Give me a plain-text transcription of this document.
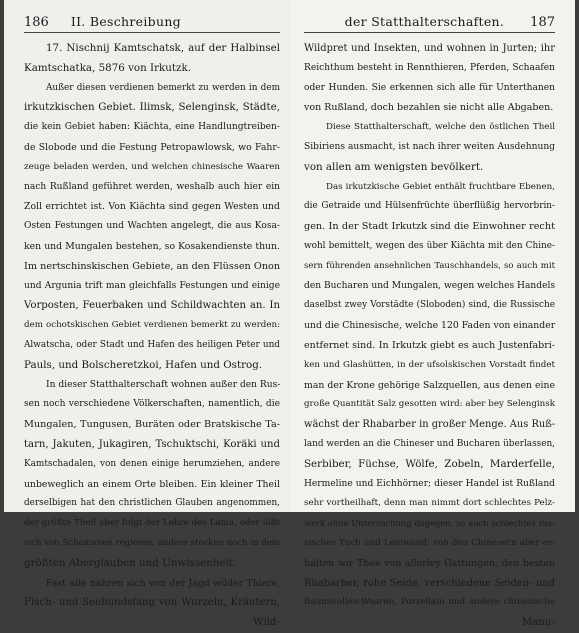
186 II. Beschreibung
17. Nischnij Kamtschatsk, auf der Halbinsel
Kamtschatka, 5876 von Irkutzk.
Außer diesen verdienen bemerkt zu werden in dem
irkutzkischen Gebiet. Ilimsk, Selenginsk, Städte,
die kein Gebiet haben: Kiächta, eine Handlungtreiben-
de Slobode und die Festung Petropawlowsk, wo Fahr-
zeuge beladen werden, und welchen chinesische Waaren
nach Rußland geführet werden, weshalb auch hier ein
Zoll errichtet ist. Von Kiächta sind gegen Westen und
Osten Festungen und Wachten angelegt, die aus Kosa-
ken und Mungalen bestehen, so Kosakendienste thun.
Im nertschinskischen Gebiete, an den Flüssen Onon
und Argunia trift man gleichfalls Festungen und einige
Vorposten, Feuerbaken und Schildwachten an. In
dem ochotskischen Gebiet verdienen bemerkt zu werden:
Alwatscha, oder Stadt und Hafen des heiligen Peter und
Pauls, und Bolscheretzkoi, Hafen und Ostrog.
In dieser Statthalterschaft wohnen außer den Rus-
sen noch verschiedene Völkerschaften, namentlich, die
Mungalen, Tungusen, Buräten oder Bratskische Ta-
tarn, Jakuten, Jukagiren, Tschuktschi, Koräki und
Kamtschadalen, von denen einige herumziehen, andere
unbeweglich an einem Orte bleiben. Ein kleiner Theil
derselbigen hat den christlichen Glauben angenommen,
der größte Theil aber folgt der Lehre des Lama, oder läßt
sich von Schamanen regieren, andere stecken noch in dem
größten Aberglauben und Unwissenheit.
Fast alle nähren sich von der Jagd wilder Thiere,
Fisch- und Seehundsfang von Wurzeln, Kräutern,
Wild-
der Statthalterschaften. 187
Wildpret und Insekten, und wohnen in Jurten; ihr
Reichthum besteht in Rennthieren, Pferden, Schaafen
oder Hunden. Sie erkennen sich alle für Unterthanen
von Rußland, doch bezahlen sie nicht alle Abgaben.
Diese Statthalterschaft, welche den östlichen Theil
Sibiriens ausmacht, ist nach ihrer weiten Ausdehnung
von allen am wenigsten bevölkert.
Das irkutzkische Gebiet enthält fruchtbare Ebenen,
die Getraide und Hülsenfrüchte überflüßig hervorbrin-
gen. In der Stadt Irkutzk sind die Einwohner recht
wohl bemittelt, wegen des über Kiächta mit den Chine-
sern führenden ansehnlichen Tauschhandels, so auch mit
den Bucharen und Mungalen, wegen welches Handels
daselbst zwey Vorstädte (Sloboden) sind, die Russische
und die Chinesische, welche 120 Faden von einander
entfernet sind. In Irkutzk giebt es auch Justenfabri-
ken und Glashütten, in der ufsolskischen Vorstadt findet
man der Krone gehörige Salzquellen, aus denen eine
große Quantität Salz gesotten wird: aber bey Selenginsk
wächst der Rhabarber in großer Menge. Aus Ruß-
land werden an die Chineser und Bucharen überlassen,
Serbiber, Füchse, Wölfe, Zobeln, Marderfelle,
Hermeline und Eichhörner; dieser Handel ist Rußland
sehr vortheilhaft, denn man nimmt dort schlechtes Pelz-
werk ohne Untersuchung dagegen, so auch schlechtes rus-
sisches Tuch und Leinwand; von den Chinesern aber er-
halten wir Thee von allerley Gattungen, den besten
Rhabarber, rohe Seide, verschiedene Seiden- und
Baumwollen-Waaren, Porzellain und andere chinesische
Manu-
